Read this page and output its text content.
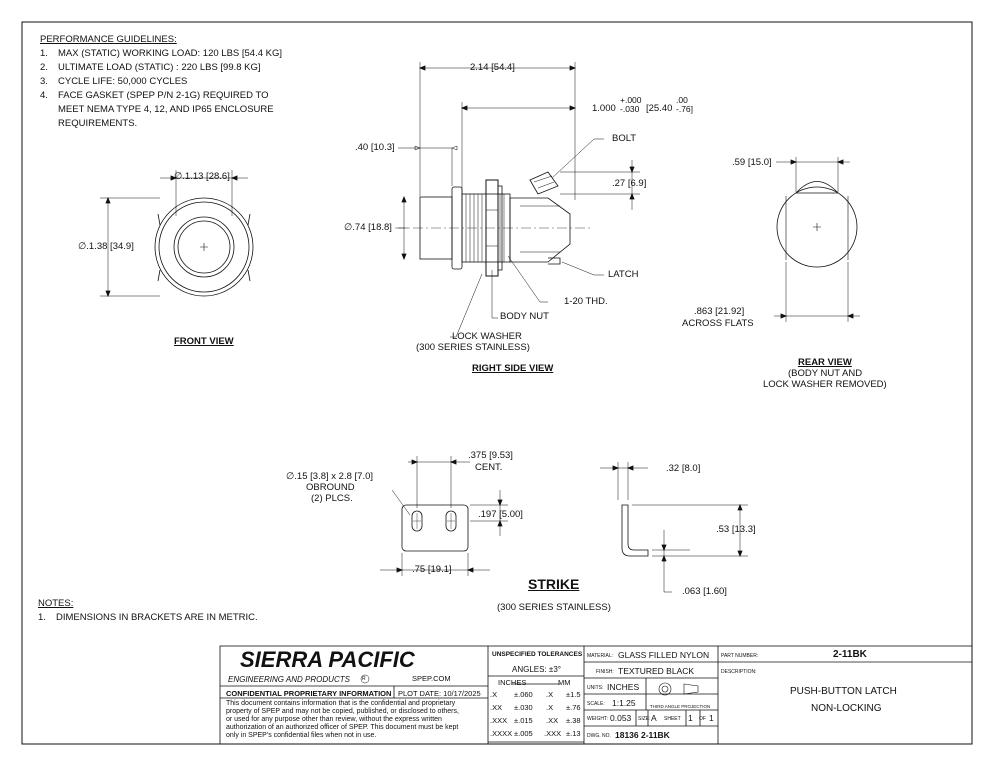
PERFORMANCE GUIDELINES:
1. MAX (STATIC) WORKING LOAD: 120 LBS [54.4 KG]
2. ULTIMATE LOAD (STATIC) : 220 LBS [99.8 KG]
3. CYCLE LIFE: 50,000 CYCLES
4. FACE GASKET (SPEP P/N 2-1G) REQUIRED TO
MEET NEMA TYPE 4, 12, AND IP65 ENCLOSURE
REQUIREMENTS.
∅.1.13 [28.6]
∅.1.38 [34.9]
FRONT VIEW
2.14 [54.4]
1.000
+.000
-.030 [25.40
.00
-.76]
.40 [10.3]
BOLT
.27 [6.9]
∅.74 [18.8]
LATCH
1-20 THD.
BODY NUT
LOCK WASHER
(300 SERIES STAINLESS)
RIGHT SIDE VIEW
.59 [15.0]
.863 [21.92]
ACROSS FLATS
REAR VIEW
(BODY NUT AND
LOCK WASHER REMOVED)
∅.15 [3.8] x 2.8 [7.0]
OBROUND
(2) PLCS.
.375 [9.53]
CENT.
.197 [5.00]
.75 [19.1]
.32 [8.0]
.53 [13.3]
.063 [1.60]
STRIKE
(300 SERIES STAINLESS)
NOTES:
1. DIMENSIONS IN BRACKETS ARE IN METRIC.
SIERRA PACIFIC
ENGINEERING AND PRODUCTS R	SPEP.COM
CONFIDENTIAL PROPRIETARY INFORMATION PLOT DATE: 10/17/2025
This document contains information that is the confidential and proprietary
property of SPEP and may not be copied, published, or disclosed to others,
or used for any purpose other than review, without the express written
authorization of an authorized officer of SPEP. This document must be kept
only in SPEP's confidential files when not in use.
UNSPECIFIED TOLERANCES
ANGLES: ±3°
INCHES	MM
.X ±.060 .X ±1.5
.XX ±.030 .X ±.76
.XXX ±.015 .XX ±.38
.XXXX ±.005 .XXX ±.13
MATERIAL: GLASS FILLED NYLON
FINISH: TEXTURED BLACK
UNITS: INCHES
THIRD ANGLE PROJECTION
SCALE: 1:1.25
WEIGHT: 0.053 SIZE: A SHEET 1 OF 1
DWG. NO. 18136 2-11BK
PART NUMBER:	2-11BK
DESCRIPTION:
PUSH-BUTTON LATCH
NON-LOCKING
